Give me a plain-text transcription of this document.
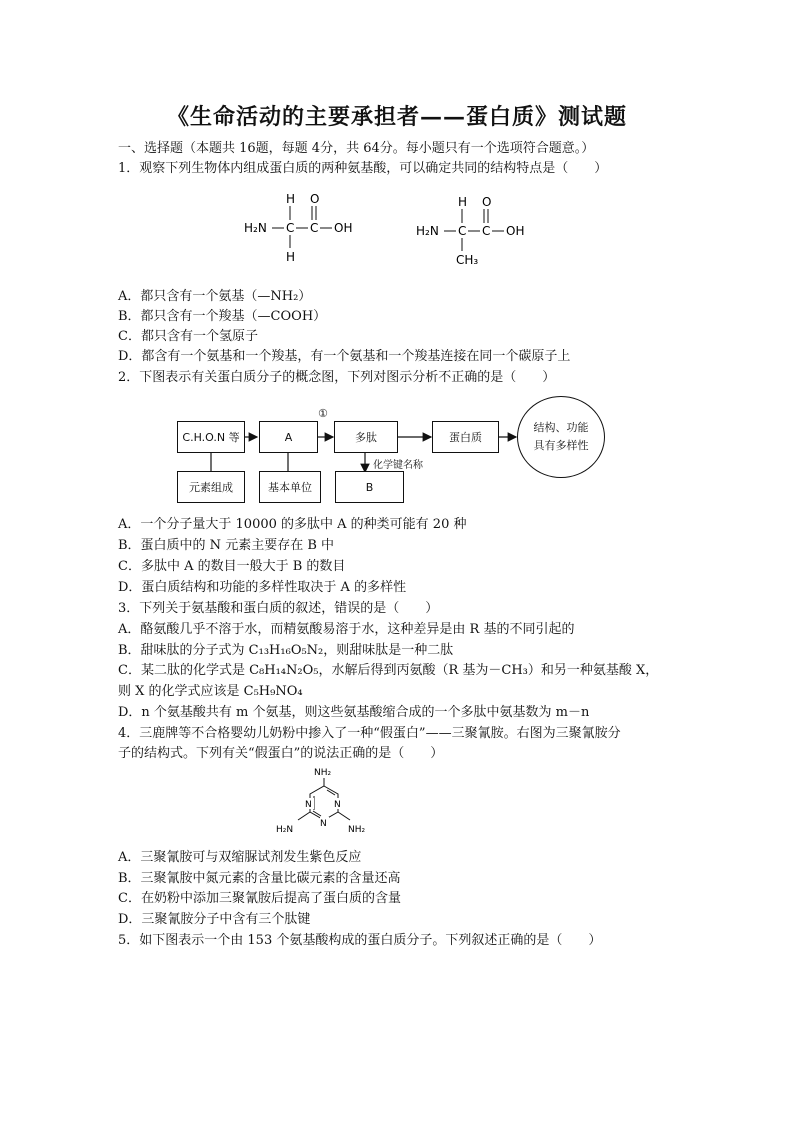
《生命活动的主要承担者——蛋白质》测试题
一、选择题（本题共 16题，每题 4分，共 64分。每小题只有一个选项符合题意。）
1．观察下列生物体内组成蛋白质的两种氨基酸，可以确定共同的结构特点是（　　）
H₂N C
H
H
C
O
OH	H₂N C
H
CH₃
C
O
OH
A．都只含有一个氨基（—NH₂）
B．都只含有一个羧基（—COOH）
C．都只含有一个氢原子
D．都含有一个氨基和一个羧基，有一个氨基和一个羧基连接在同一个碳原子上
2．下图表示有关蛋白质分子的概念图，下列对图示分析不正确的是（　　）
C.H.O.N 等	A	多肽	蛋白质
结构、功能
具有多样性
①
化学键名称
元素组成	基本单位	B
A．一个分子量大于 10000 的多肽中 A 的种类可能有 20 种
B．蛋白质中的 N 元素主要存在 B 中
C．多肽中 A 的数目一般大于 B 的数目
D．蛋白质结构和功能的多样性取决于 A 的多样性
3．下列关于氨基酸和蛋白质的叙述，错误的是（　　）
A．酪氨酸几乎不溶于水，而精氨酸易溶于水，这种差异是由 R 基的不同引起的
B．甜味肽的分子式为 C₁₃H₁₆O₅N₂，则甜味肽是一种二肽
C．某二肽的化学式是 C₈H₁₄N₂O₅，水解后得到丙氨酸（R 基为－CH₃）和另一种氨基酸 X，
则 X 的化学式应该是 C₅H₉NO₄
D．n 个氨基酸共有 m 个氨基，则这些氨基酸缩合成的一个多肽中氨基数为 m－n
4．三鹿牌等不合格婴幼儿奶粉中掺入了一种“假蛋白”——三聚氰胺。右图为三聚氰胺分
子的结构式。下列有关“假蛋白”的说法正确的是（　　）
NH₂
N
N
N
H₂N	NH₂
A．三聚氰胺可与双缩脲试剂发生紫色反应
B．三聚氰胺中氮元素的含量比碳元素的含量还高
C．在奶粉中添加三聚氰胺后提高了蛋白质的含量
D．三聚氰胺分子中含有三个肽键
5．如下图表示一个由 153 个氨基酸构成的蛋白质分子。下列叙述正确的是（　　）
